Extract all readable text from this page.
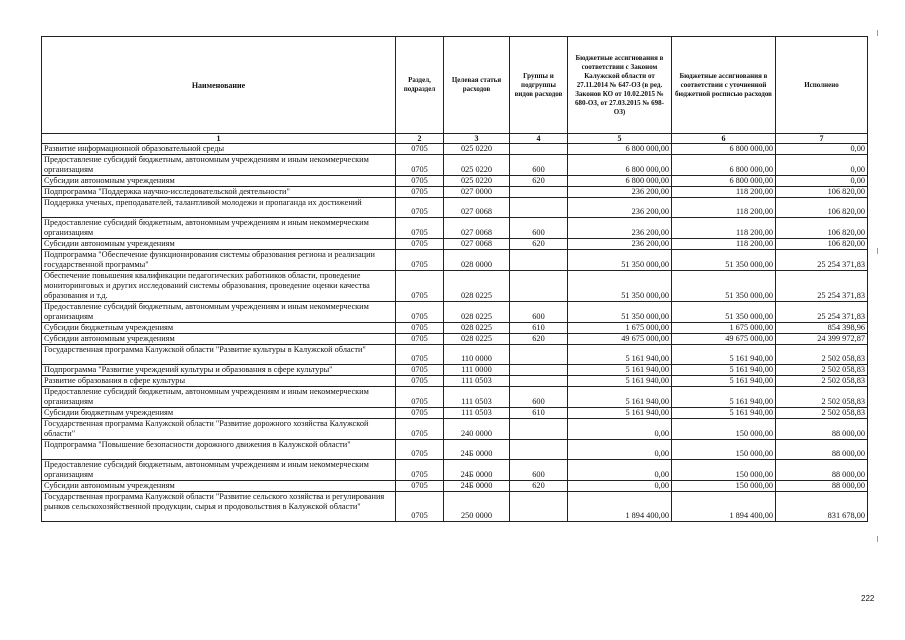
Наименование	Раздел, подраздел	Целевая статья расходов	Группы и подгруппы видов расходов	Бюджетные ассигнования в соответствии с Законом Калужской области от 27.11.2014 № 647-ОЗ (в ред. Законов КО от 10.02.2015 № 680-ОЗ, от 27.03.2015 № 698-ОЗ)	Бюджетные ассигнования в соответствии с уточненной бюджетной росписью расходов	Исполнено
1	2	3	4	5	6	7
Развитие информационной образовательной среды	0705	025 0220		6 800 000,00	6 800 000,00	0,00
Предоставление субсидий бюджетным, автономным учреждениям и иным некоммерческим организациям	0705	025 0220	600	6 800 000,00	6 800 000,00	0,00
Субсидии автономным учреждениям	0705	025 0220	620	6 800 000,00	6 800 000,00	0,00
Подпрограмма "Поддержка научно-исследовательской деятельности"	0705	027 0000		236 200,00	118 200,00	106 820,00
Поддержка ученых, преподавателей, талантливой молодежи и пропаганда их достижений	0705	027 0068		236 200,00	118 200,00	106 820,00
Предоставление субсидий бюджетным, автономным учреждениям и иным некоммерческим организациям	0705	027 0068	600	236 200,00	118 200,00	106 820,00
Субсидии автономным учреждениям	0705	027 0068	620	236 200,00	118 200,00	106 820,00
Подпрограмма "Обеспечение функционирования системы образования региона и реализации государственной программы"	0705	028 0000		51 350 000,00	51 350 000,00	25 254 371,83
Обеспечение повышения квалификации педагогических работников области, проведение мониторинговых и других исследований системы образования, проведение оценки качества образования и т.д.	0705	028 0225		51 350 000,00	51 350 000,00	25 254 371,83
Предоставление субсидий бюджетным, автономным учреждениям и иным некоммерческим организациям	0705	028 0225	600	51 350 000,00	51 350 000,00	25 254 371,83
Субсидии бюджетным учреждениям	0705	028 0225	610	1 675 000,00	1 675 000,00	854 398,96
Субсидии автономным учреждениям	0705	028 0225	620	49 675 000,00	49 675 000,00	24 399 972,87
Государственная программа Калужской области "Развитие культуры в Калужской области"	0705	110 0000		5 161 940,00	5 161 940,00	2 502 058,83
Подпрограмма "Развитие учреждений культуры и образования в сфере культуры"	0705	111 0000		5 161 940,00	5 161 940,00	2 502 058,83
Развитие образования в сфере культуры	0705	111 0503		5 161 940,00	5 161 940,00	2 502 058,83
Предоставление субсидий бюджетным, автономным учреждениям и иным некоммерческим организациям	0705	111 0503	600	5 161 940,00	5 161 940,00	2 502 058,83
Субсидии бюджетным учреждениям	0705	111 0503	610	5 161 940,00	5 161 940,00	2 502 058,83
Государственная программа Калужской области "Развитие дорожного хозяйства Калужской области"	0705	240 0000		0,00	150 000,00	88 000,00
Подпрограмма "Повышение безопасности дорожного движения в Калужской области"	0705	24Б 0000		0,00	150 000,00	88 000,00
Предоставление субсидий бюджетным, автономным учреждениям и иным некоммерческим организациям	0705	24Б 0000	600	0,00	150 000,00	88 000,00
Субсидии автономным учреждениям	0705	24Б 0000	620	0,00	150 000,00	88 000,00
Государственная программа Калужской области "Развитие сельского хозяйства и регулирования рынков сельскохозяйственной продукции, сырья и продовольствия в Калужской области"	0705	250 0000		1 894 400,00	1 894 400,00	831 678,00
222
